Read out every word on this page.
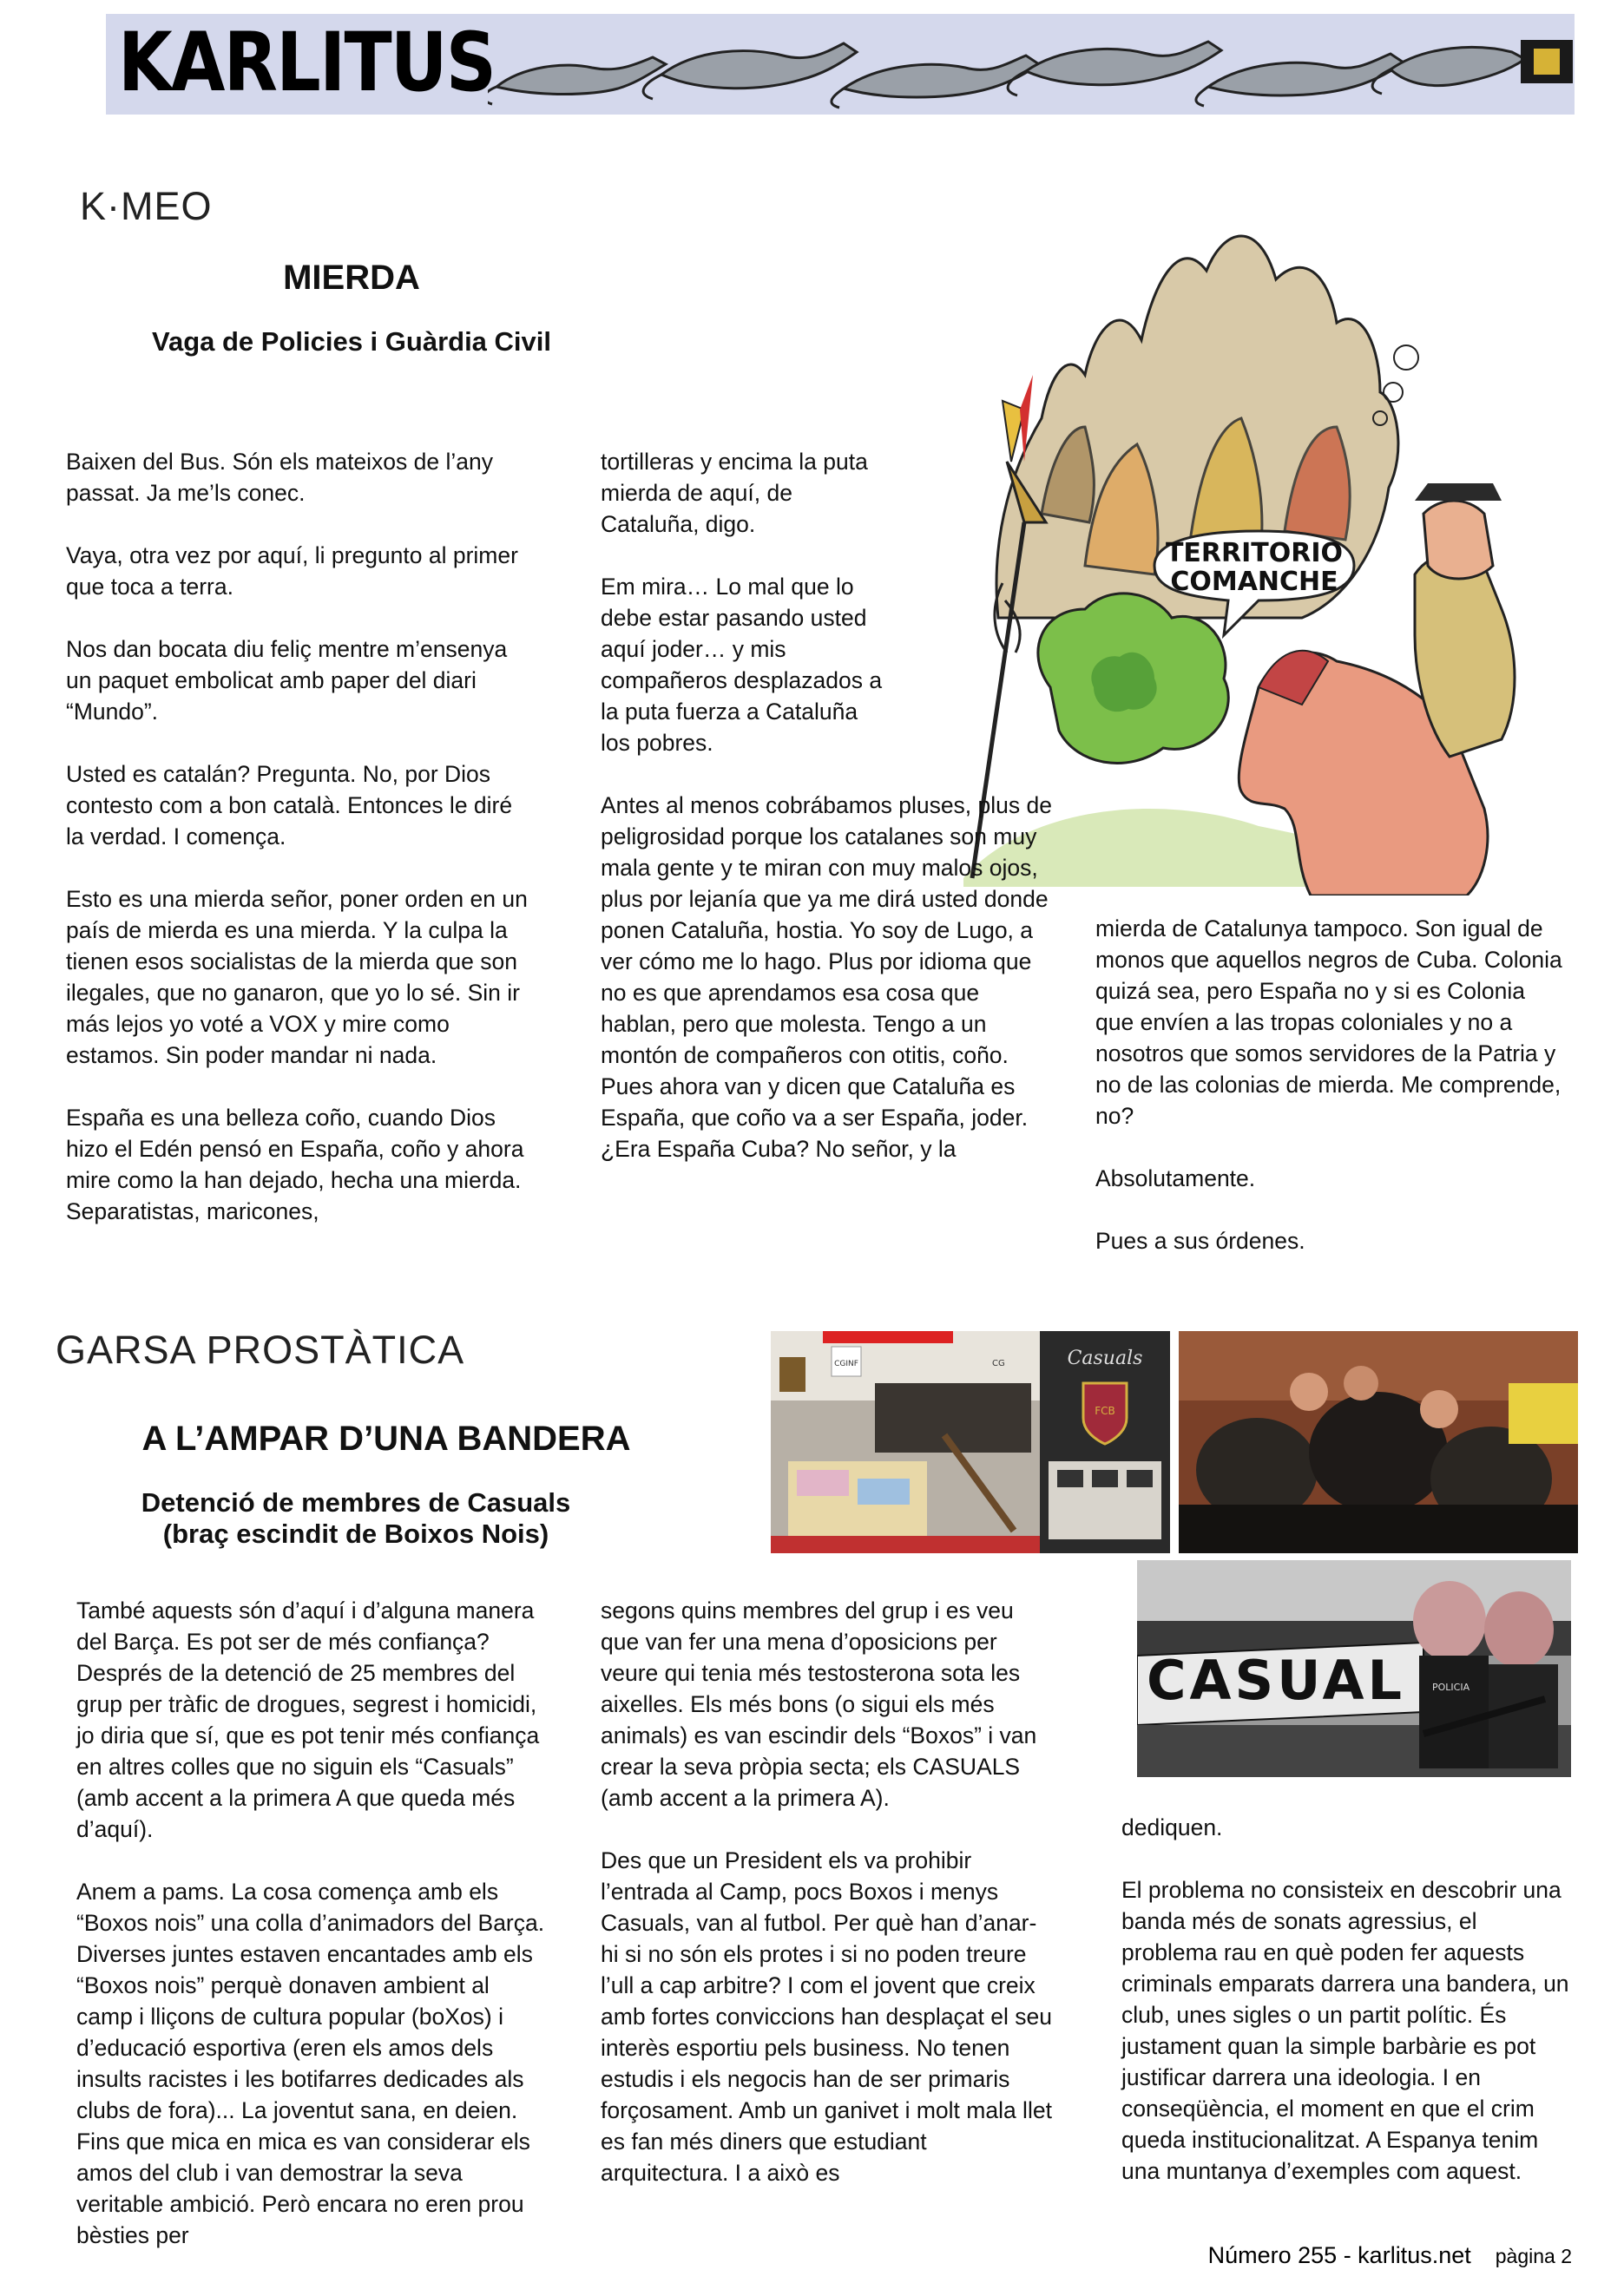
KARLITUS
K·MEO
MIERDA
Vaga de Policies i Guàrdia Civil
TERRITORIO
COMANCHE

Baixen del Bus. Són els mateixos de l’any passat. Ja me’ls conec.

Vaya, otra vez por aquí, li pregunto al primer que toca a terra.

Nos dan bocata diu feliç mentre m’ensenya un paquet embolicat amb paper del diari “Mundo”.

Usted es catalán? Pregunta. No, por Dios contesto com a bon català. Entonces le diré la verdad. I comença.

Esto es una mierda señor, poner orden en un país de mierda es una mierda. Y la culpa la tienen esos socialistas de la mierda que son ilegales, que no ganaron, que yo lo sé. Sin ir más lejos yo voté a VOX y mire como estamos. Sin poder mandar ni nada.

España es una belleza coño, cuando Dios hizo el Edén pensó en España, coño y ahora mire como la han dejado, hecha una mierda. Separatistas, maricones,

tortilleras y encima la puta mierda de aquí, de Cataluña, digo.

Em mira… Lo mal que lo debe estar pasando usted aquí joder… y mis compañeros desplazados a la puta fuerza a Cataluña los pobres.

Antes al menos cobrábamos pluses, plus de peligrosidad porque los catalanes son muy mala gente y te miran con muy malos ojos, plus por lejanía que ya me dirá usted donde ponen Cataluña, hostia. Yo soy de Lugo, a ver cómo me lo hago. Plus por idioma que no es que aprendamos esa cosa que hablan, pero que molesta. Tengo a un montón de compañeros con otitis, coño. Pues ahora van y dicen que Cataluña es España, que coño va a ser España, joder. ¿Era España Cuba? No señor, y la

mierda de Catalunya tampoco. Son igual de monos que aquellos negros de Cuba. Colonia quizá sea, pero España no y si es Colonia que envíen a las tropas coloniales y no a nosotros que somos servidores de la Patria y no de las colonias de mierda. Me comprende, no?

Absolutamente.

Pues a sus órdenes.

GARSA PROSTÀTICA
A L’AMPAR D’UNA BANDERA
Detenció de membres de Casuals
(braç escindit de Boixos Nois)
CGINF	CG	Casuals
FCB
CASUAL	POLICIA

També aquests són d’aquí i d’alguna manera del Barça. Es pot ser de més confiança? Després de la detenció de 25 membres del grup per tràfic de drogues, segrest i homicidi, jo diria que sí, que es pot tenir més confiança en altres colles que no siguin els “Casuals” (amb accent a la primera A que queda més d’aquí).

Anem a pams. La cosa comença amb els “Boxos nois” una colla d’animadors del Barça. Diverses juntes estaven encantades amb els “Boxos nois” perquè donaven ambient al camp i lliçons de cultura popular (boXos) i d’educació esportiva (eren els amos dels insults racistes i les botifarres dedicades als clubs de fora)... La joventut sana, en deien. Fins que mica en mica es van considerar els amos del club i van demostrar la seva veritable ambició. Però encara no eren prou bèsties per

segons quins membres del grup i es veu que van fer una mena d’oposicions per veure qui tenia més testosterona sota les aixelles. Els més bons (o sigui els més animals) es van escindir dels “Boxos” i van crear la seva pròpia secta; els CASUALS (amb accent a la primera A).

Des que un President els va prohibir l’entrada al Camp, pocs Boxos i menys Casuals, van al futbol. Per què han d’anar-hi si no són els protes i si no poden treure l’ull a cap arbitre? I com el jovent que creix amb fortes conviccions han desplaçat el seu interès esportiu pels business. No tenen estudis i els negocis han de ser primaris forçosament. Amb un ganivet i molt mala llet es fan més diners que estudiant arquitectura. I a això es

dediquen.

El problema no consisteix en descobrir una banda més de sonats agressius, el problema rau en què poden fer aquests criminals emparats darrera una bandera, un club, unes sigles o un partit polític. És justament quan la simple barbàrie es pot justificar darrera una ideologia. I en conseqüència, el moment en que el crim queda institucionalitzat. A Espanya tenim una muntanya d’exemples com aquest.

Número 255 - karlitus.net pàgina 2
